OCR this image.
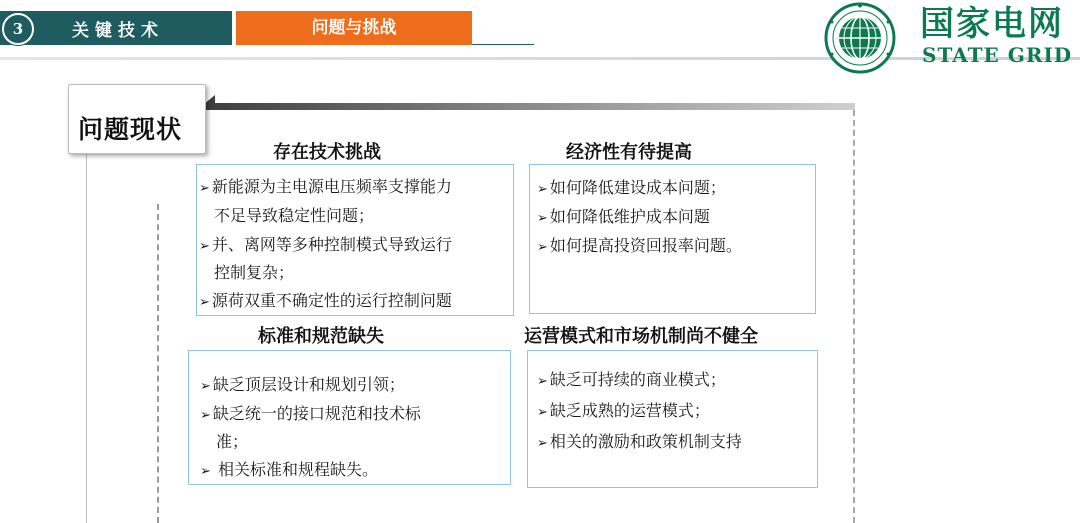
3	关键技术	问题与挑战	国家电网
STATE GRID
问题现状
存在技术挑战
➢ 新能源为主电源电压频率支撑能力
不足导致稳定性问题；
➢ 并、离网等多种控制模式导致运行
控制复杂；
➢ 源荷双重不确定性的运行控制问题
经济性有待提高
➢ 如何降低建设成本问题；
➢ 如何降低维护成本问题
➢ 如何提高投资回报率问题。
标准和规范缺失
➢ 缺乏顶层设计和规划引领；
➢ 缺乏统一的接口规范和技术标
准；
➢ 相关标准和规程缺失。
运营模式和市场机制尚不健全
➢ 缺乏可持续的商业模式；
➢ 缺乏成熟的运营模式；
➢ 相关的激励和政策机制支持
